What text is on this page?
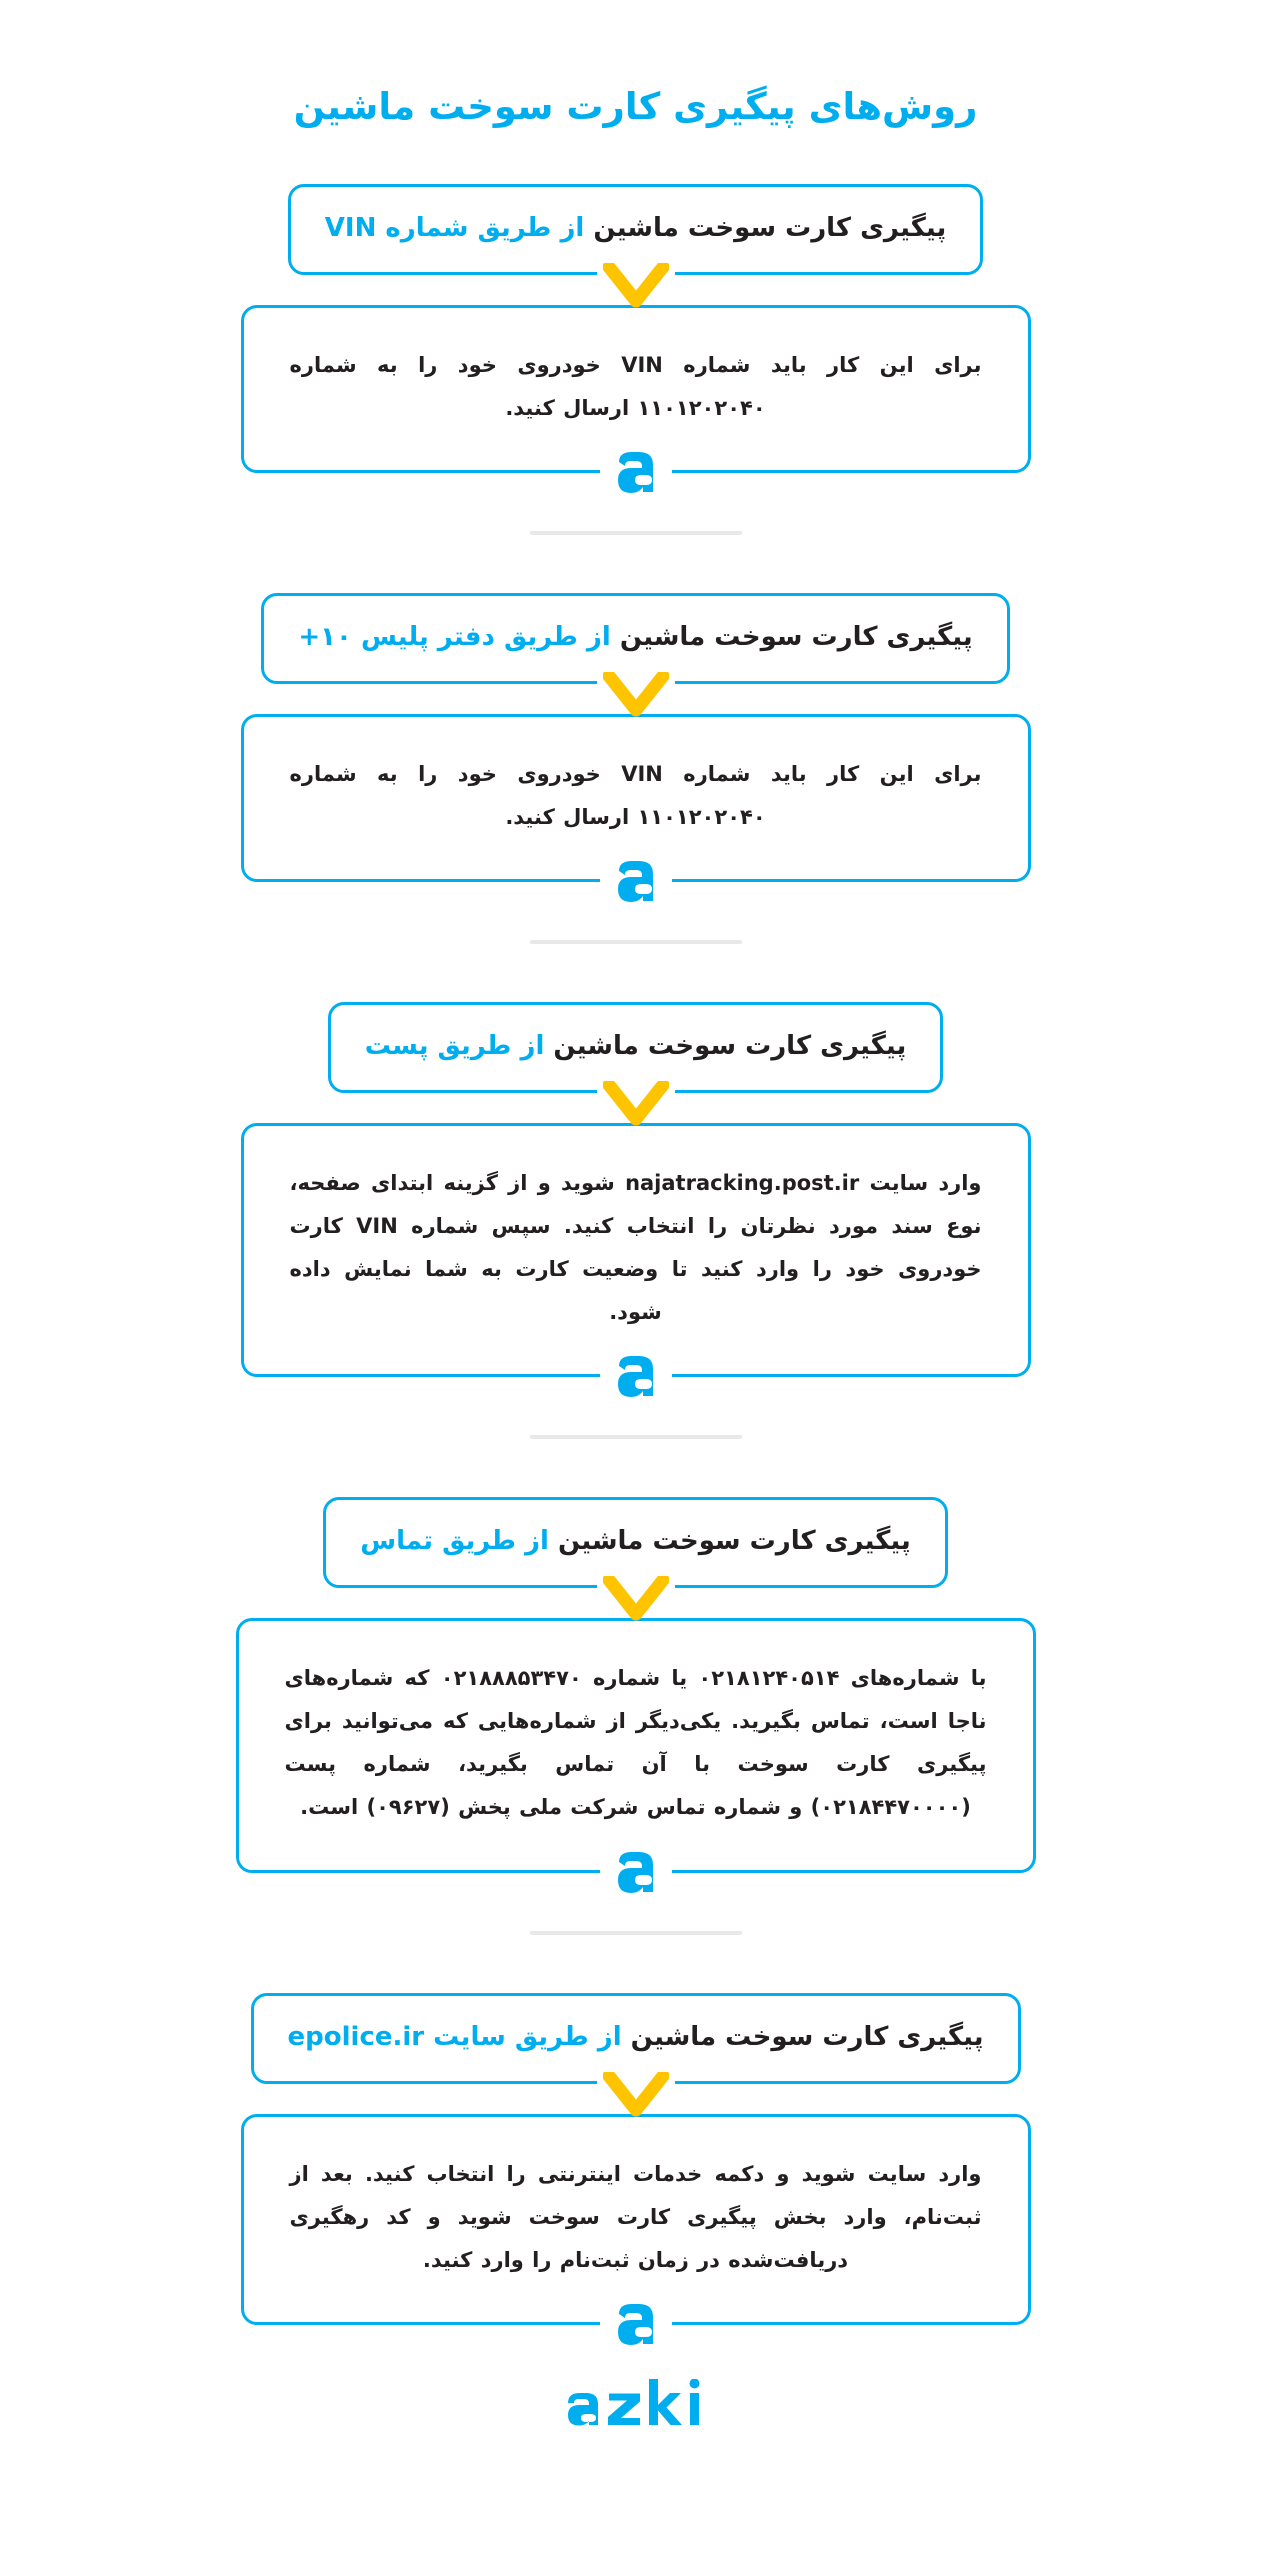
روش‌های پیگیری کارت سوخت ماشین
پیگیری کارت سوخت ماشین از طریق شماره VIN
برای این کار باید شماره VIN خودروی خود را به شماره ۱۱۰۱۲۰۲۰۴۰ ارسال کنید.
پیگیری کارت سوخت ماشین از طریق دفتر پلیس ۱۰+
برای این کار باید شماره VIN خودروی خود را به شماره ۱۱۰۱۲۰۲۰۴۰ ارسال کنید.
پیگیری کارت سوخت ماشین از طریق پست
وارد سایت najatracking.post.ir شوید و از گزینه ابتدای صفحه، نوع سند مورد نظرتان را انتخاب کنید. سپس شماره VIN کارت خودروی خود را وارد کنید تا وضعیت کارت به شما نمایش داده شود.
پیگیری کارت سوخت ماشین از طریق تماس
با شماره‌های ۰۲۱۸۱۲۴۰۵۱۴ یا شماره ۰۲۱۸۸۸۵۳۴۷۰ که شماره‌های ناجا است، تماس بگیرید. یکی‌دیگر از شماره‌هایی که می‌توانید برای پیگیری کارت سوخت با آن تماس بگیرید، شماره پست (۰۲۱۸۴۴۷۰۰۰۰) و شماره تماس شرکت ملی پخش (۰۹۶۲۷) است.
پیگیری کارت سوخت ماشین از طریق سایت epolice.ir
وارد سایت شوید و دکمه خدمات اینترنتی را انتخاب کنید. بعد از ثبت‌نام، وارد بخش پیگیری کارت سوخت شوید و کد رهگیری دریافت‌شده در زمان ثبت‌نام را وارد کنید.
